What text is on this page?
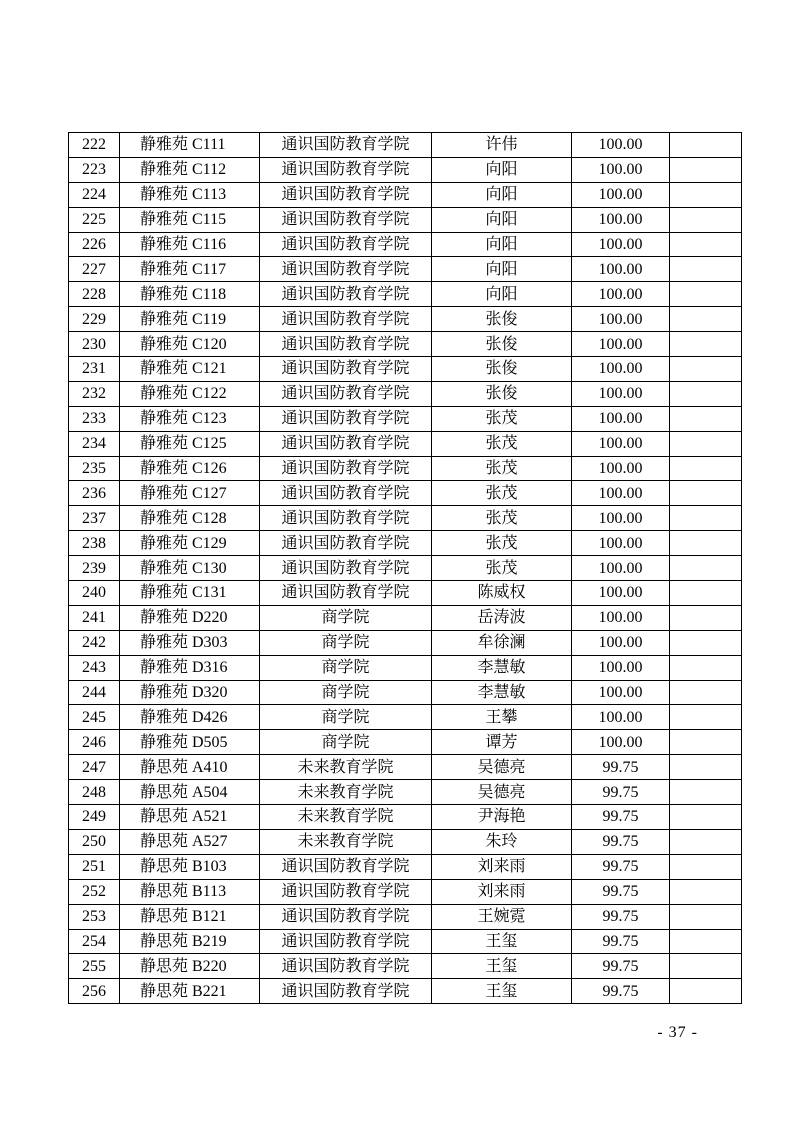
222	静雅苑 C111	通识国防教育学院	许伟	100.00	
223	静雅苑 C112	通识国防教育学院	向阳	100.00	
224	静雅苑 C113	通识国防教育学院	向阳	100.00	
225	静雅苑 C115	通识国防教育学院	向阳	100.00	
226	静雅苑 C116	通识国防教育学院	向阳	100.00	
227	静雅苑 C117	通识国防教育学院	向阳	100.00	
228	静雅苑 C118	通识国防教育学院	向阳	100.00	
229	静雅苑 C119	通识国防教育学院	张俊	100.00	
230	静雅苑 C120	通识国防教育学院	张俊	100.00	
231	静雅苑 C121	通识国防教育学院	张俊	100.00	
232	静雅苑 C122	通识国防教育学院	张俊	100.00	
233	静雅苑 C123	通识国防教育学院	张茂	100.00	
234	静雅苑 C125	通识国防教育学院	张茂	100.00	
235	静雅苑 C126	通识国防教育学院	张茂	100.00	
236	静雅苑 C127	通识国防教育学院	张茂	100.00	
237	静雅苑 C128	通识国防教育学院	张茂	100.00	
238	静雅苑 C129	通识国防教育学院	张茂	100.00	
239	静雅苑 C130	通识国防教育学院	张茂	100.00	
240	静雅苑 C131	通识国防教育学院	陈威权	100.00	
241	静雅苑 D220	商学院	岳涛波	100.00	
242	静雅苑 D303	商学院	牟徐澜	100.00	
243	静雅苑 D316	商学院	李慧敏	100.00	
244	静雅苑 D320	商学院	李慧敏	100.00	
245	静雅苑 D426	商学院	王攀	100.00	
246	静雅苑 D505	商学院	谭芳	100.00	
247	静思苑 A410	未来教育学院	吴德亮	99.75	
248	静思苑 A504	未来教育学院	吴德亮	99.75	
249	静思苑 A521	未来教育学院	尹海艳	99.75	
250	静思苑 A527	未来教育学院	朱玲	99.75	
251	静思苑 B103	通识国防教育学院	刘来雨	99.75	
252	静思苑 B113	通识国防教育学院	刘来雨	99.75	
253	静思苑 B121	通识国防教育学院	王婉霓	99.75	
254	静思苑 B219	通识国防教育学院	王玺	99.75	
255	静思苑 B220	通识国防教育学院	王玺	99.75	
256	静思苑 B221	通识国防教育学院	王玺	99.75	
- 37 -
